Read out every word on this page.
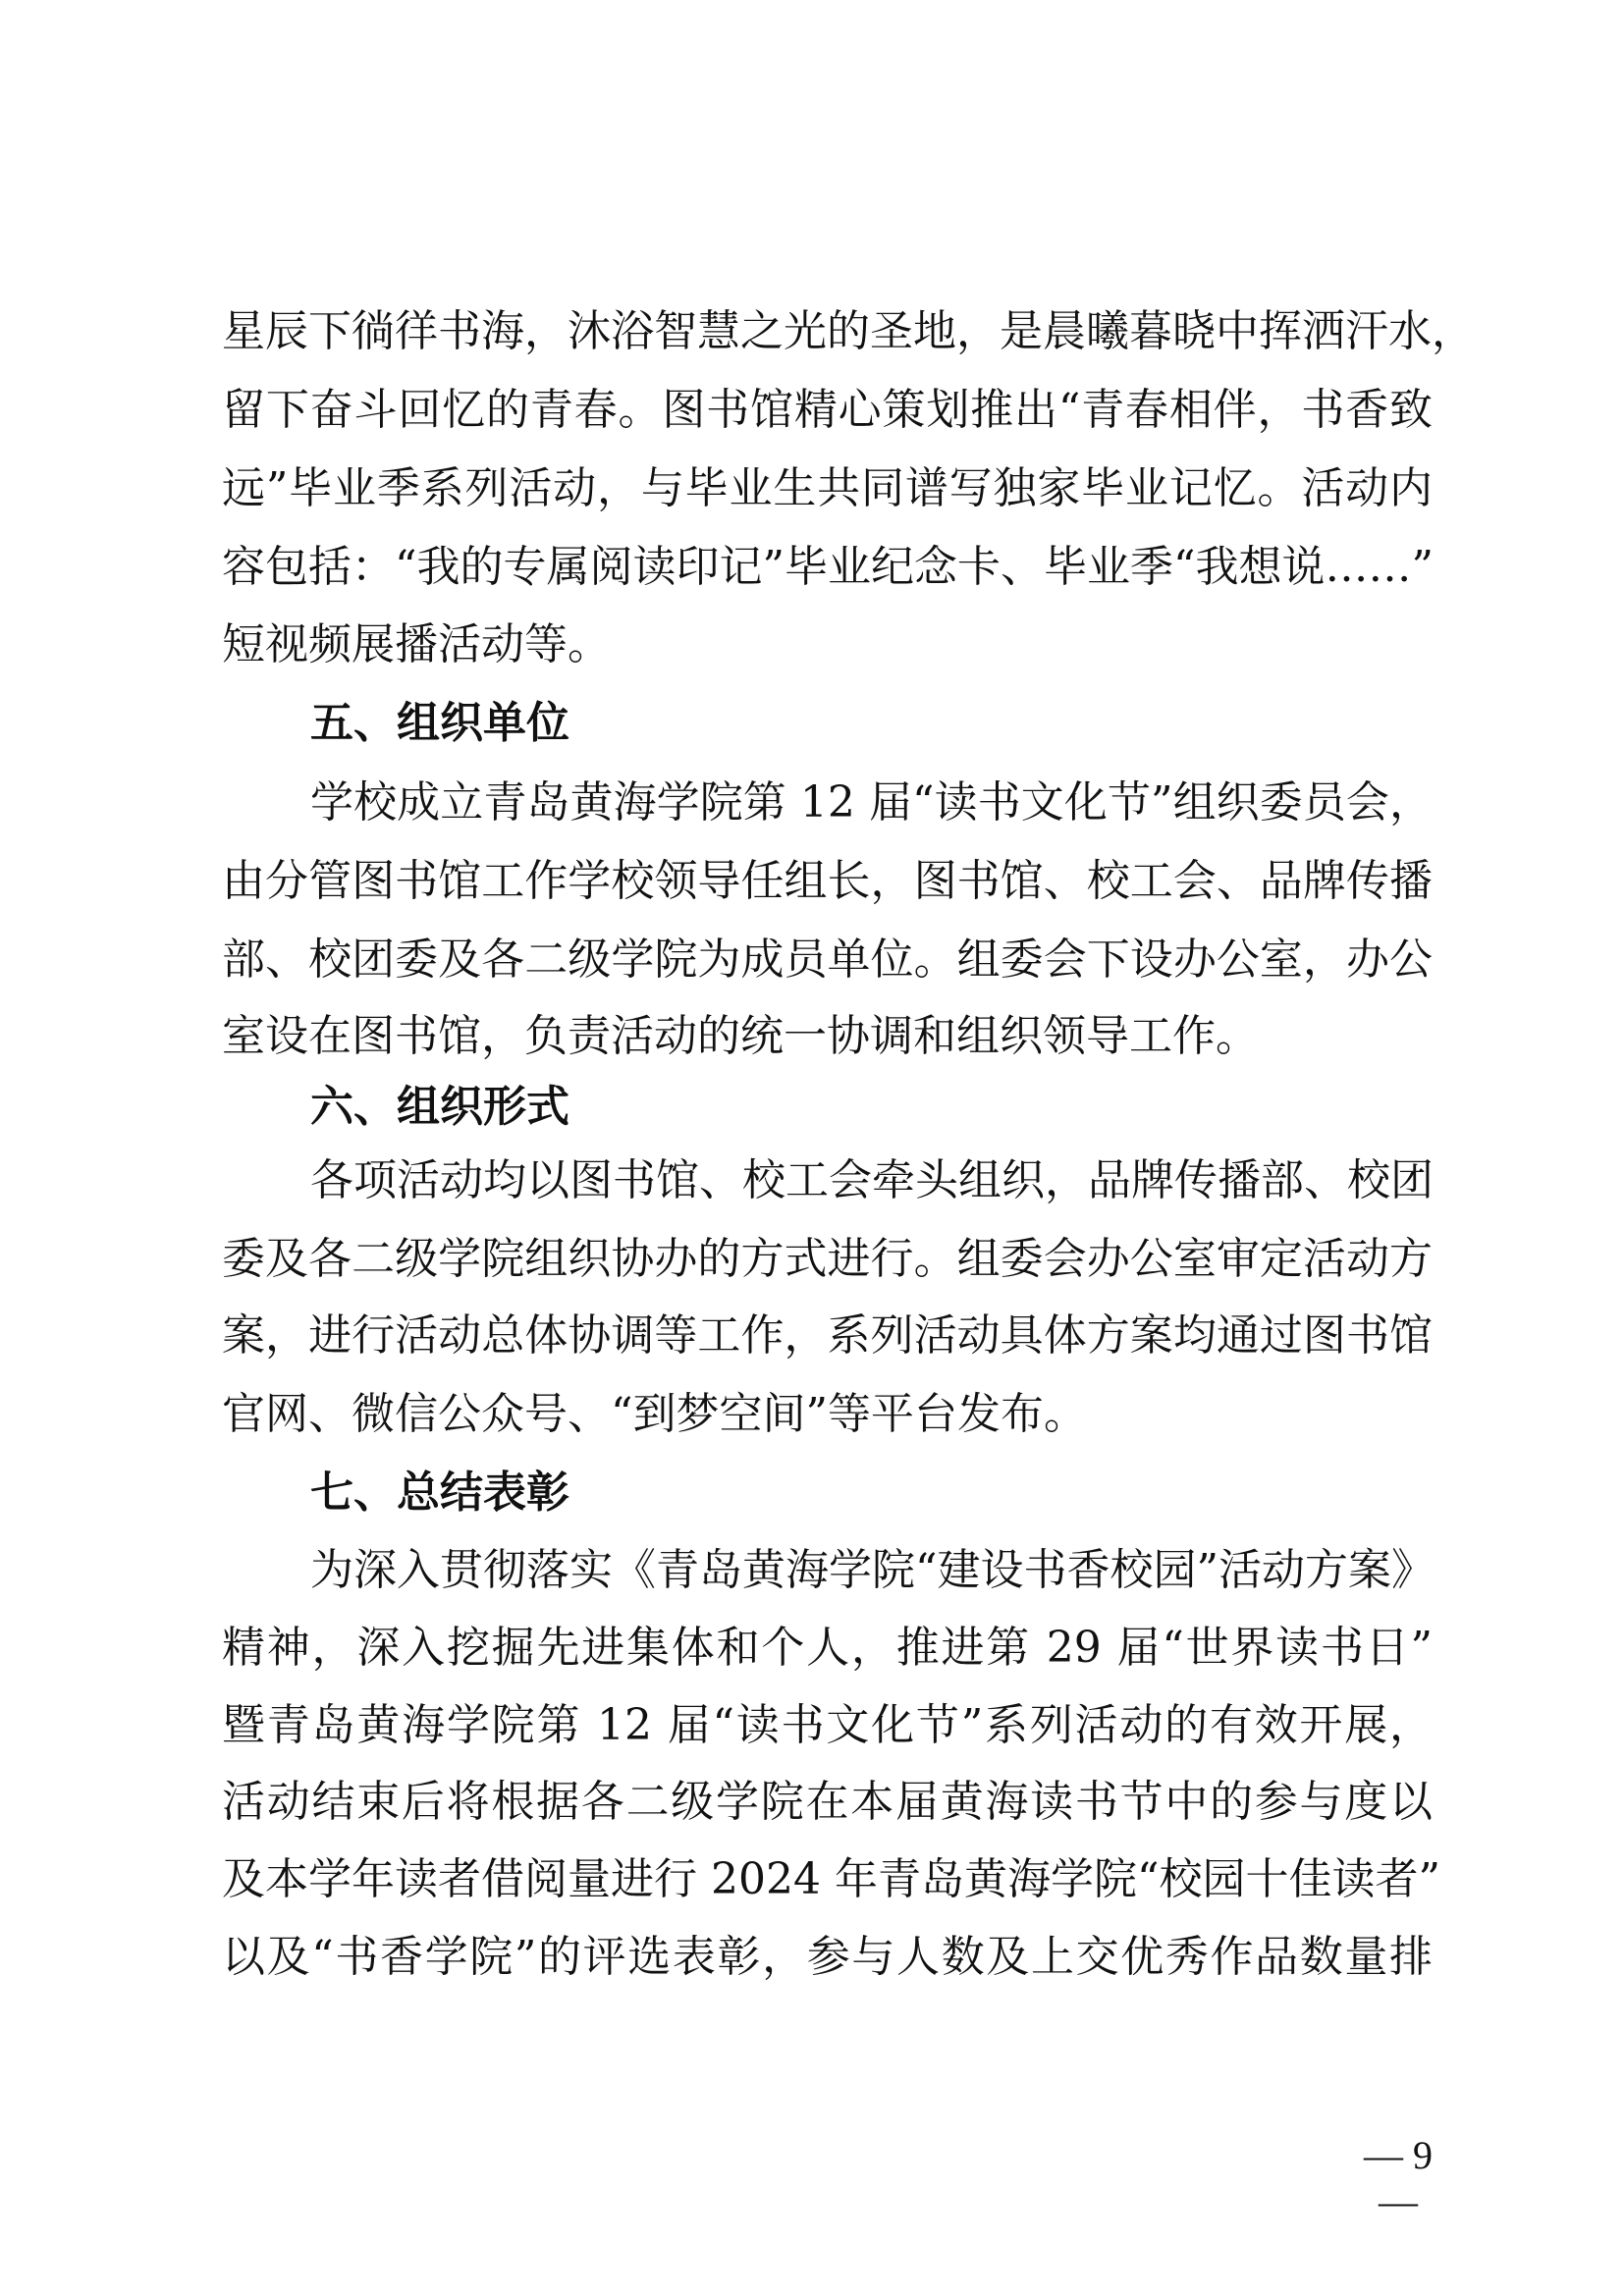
星辰下徜徉书海，沐浴智慧之光的圣地，是晨曦暮晓中挥洒汗水，
留下奋斗回忆的青春。图书馆精心策划推出“青春相伴，书香致
远”毕业季系列活动，与毕业生共同谱写独家毕业记忆。活动内
容包括：“我的专属阅读印记”毕业纪念卡、毕业季“我想说……”
短视频展播活动等。
五、组织单位
学校成立青岛黄海学院第 12 届“读书文化节”组织委员会，
由分管图书馆工作学校领导任组长，图书馆、校工会、品牌传播
部、校团委及各二级学院为成员单位。组委会下设办公室，办公
室设在图书馆，负责活动的统一协调和组织领导工作。
六、组织形式
各项活动均以图书馆、校工会牵头组织，品牌传播部、校团
委及各二级学院组织协办的方式进行。组委会办公室审定活动方
案，进行活动总体协调等工作，系列活动具体方案均通过图书馆
官网、微信公众号、“到梦空间”等平台发布。
七、总结表彰
为深入贯彻落实《青岛黄海学院“建设书香校园”活动方案》
精神，深入挖掘先进集体和个人，推进第 29 届“世界读书日”
暨青岛黄海学院第 12 届“读书文化节”系列活动的有效开展，
活动结束后将根据各二级学院在本届黄海读书节中的参与度以
及本学年读者借阅量进行 2024 年青岛黄海学院“校园十佳读者”
以及“书香学院”的评选表彰，参与人数及上交优秀作品数量排
— 9 —
